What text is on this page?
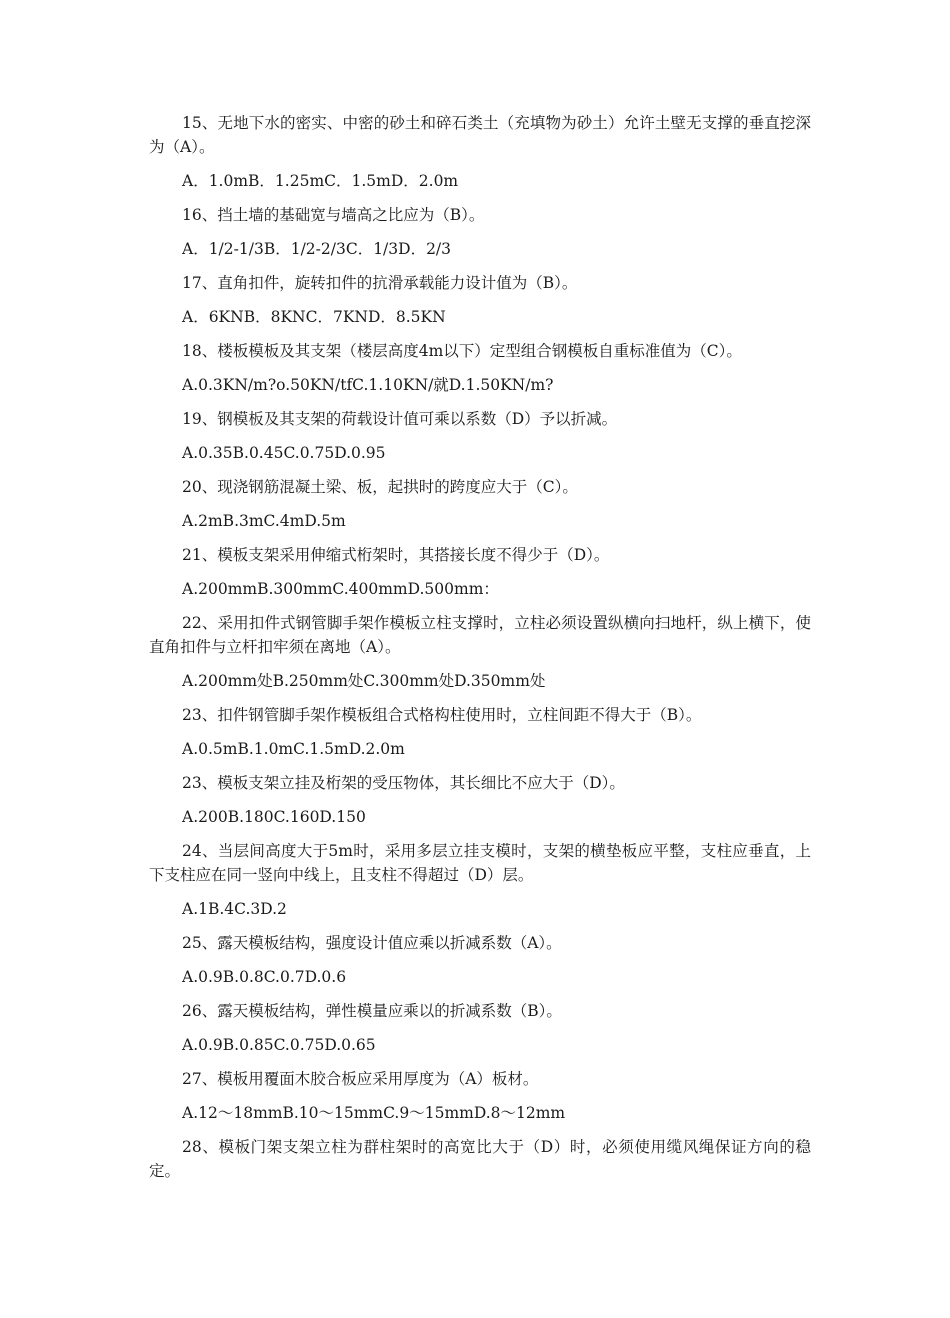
15、无地下水的密实、中密的砂土和碎石类土（充填物为砂土）允许土壁无支撑的垂直挖深为（A）。

A．1.0mB．1.25mC．1.5mD．2.0m

16、挡土墙的基础宽与墙高之比应为（B）。

A．1/2-1/3B．1/2-2/3C．1/3D．2/3

17、直角扣件，旋转扣件的抗滑承载能力设计值为（B）。

A．6KNB．8KNC．7KND．8.5KN

18、楼板模板及其支架（楼层高度4m以下）定型组合钢模板自重标准值为（C）。

A.0.3KN/m?o.50KN/tfC.1.10KN/就D.1.50KN/m?

19、钢模板及其支架的荷载设计值可乘以系数（D）予以折减。

A.0.35B.0.45C.0.75D.0.95

20、现浇钢筋混凝土梁、板，起拱时的跨度应大于（C）。

A.2mB.3mC.4mD.5m

21、模板支架采用伸缩式桁架时，其搭接长度不得少于（D）。

A.200mmB.300mmC.400mmD.500mm：

22、采用扣件式钢管脚手架作模板立柱支撑时，立柱必须设置纵横向扫地杆，纵上横下，使直角扣件与立杆扣牢须在离地（A）。

A.200mm处B.250mm处C.300mm处D.350mm处

23、扣件钢管脚手架作模板组合式格构柱使用时，立柱间距不得大于（B）。

A.0.5mB.1.0mC.1.5mD.2.0m

23、模板支架立挂及桁架的受压物体，其长细比不应大于（D）。

A.200B.180C.160D.150

24、当层间高度大于5m时，采用多层立挂支模时，支架的横垫板应平整，支柱应垂直，上下支柱应在同一竖向中线上，且支柱不得超过（D）层。

A.1B.4C.3D.2

25、露天模板结构，强度设计值应乘以折减系数（A）。

A.0.9B.0.8C.0.7D.0.6

26、露天模板结构，弹性模量应乘以的折减系数（B）。

A.0.9B.0.85C.0.75D.0.65

27、模板用覆面木胶合板应采用厚度为（A）板材。

A.12〜18mmB.10〜15mmC.9〜15mmD.8〜12mm

28、模板门架支架立柱为群柱架时的高宽比大于（D）时，必须使用缆风绳保证方向的稳定。
